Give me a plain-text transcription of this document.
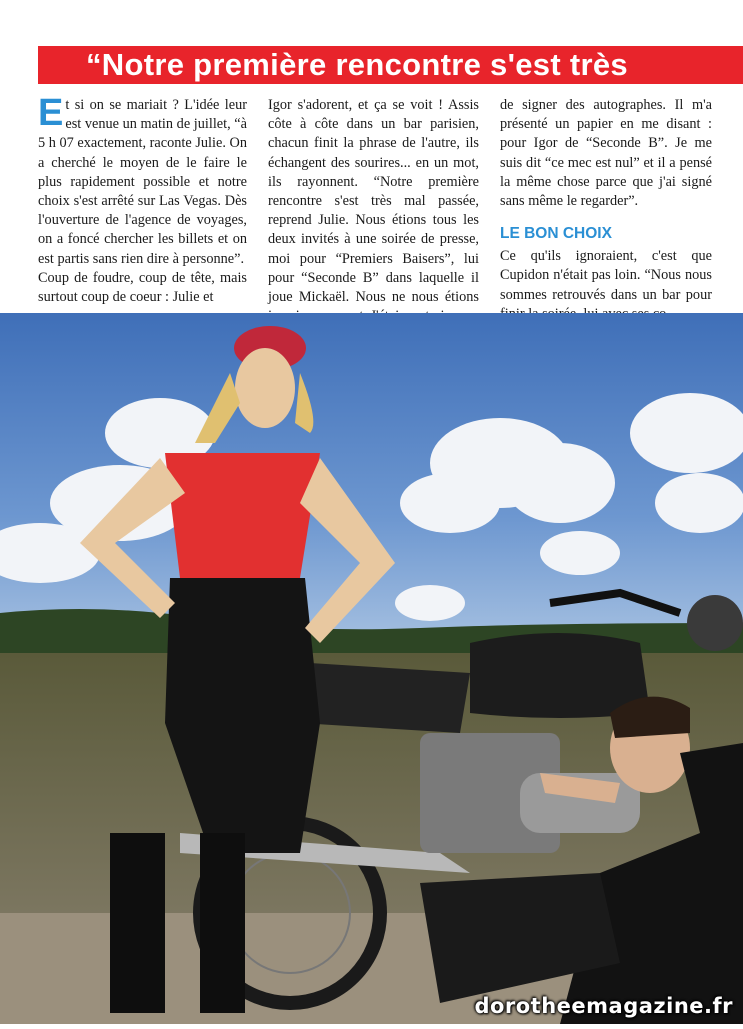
“Notre première rencontre s'est très
E t si on se mariait ? L'idée leur est venue un matin de juillet, “à 5 h 07 exactement, raconte Julie. On a cherché le moyen de le faire le plus rapidement possible et notre choix s'est arrêté sur Las Vegas. Dès l'ouverture de l'agence de voyages, on a foncé chercher les billets et on est partis sans rien dire à personne”.

Coup de foudre, coup de tête, mais surtout coup de coeur : Julie et

Igor s'adorent, et ça se voit ! Assis côte à côte dans un bar parisien, chacun finit la phrase de l'autre, ils échangent des sourires... en un mot, ils rayonnent. “Notre première rencontre s'est très mal passée, reprend Julie. Nous étions tous les deux invités à une soirée de presse, moi pour “Premiers Baisers”, lui pour “Seconde B” dans laquelle il joue Mickaël. Nous ne nous étions

de signer des autographes. Il m'a présenté un papier en me disant : pour Igor de “Seconde B”. Je me suis dit “ce mec est nul” et il a pensé la même chose parce que j'ai signé sans même le regarder”.

LE BON CHOIX

Ce qu'ils ignoraient, c'est que Cupidon n'était pas loin. “Nous nous sommes retrouvés dans un bar pour

dorotheemagazine.fr
